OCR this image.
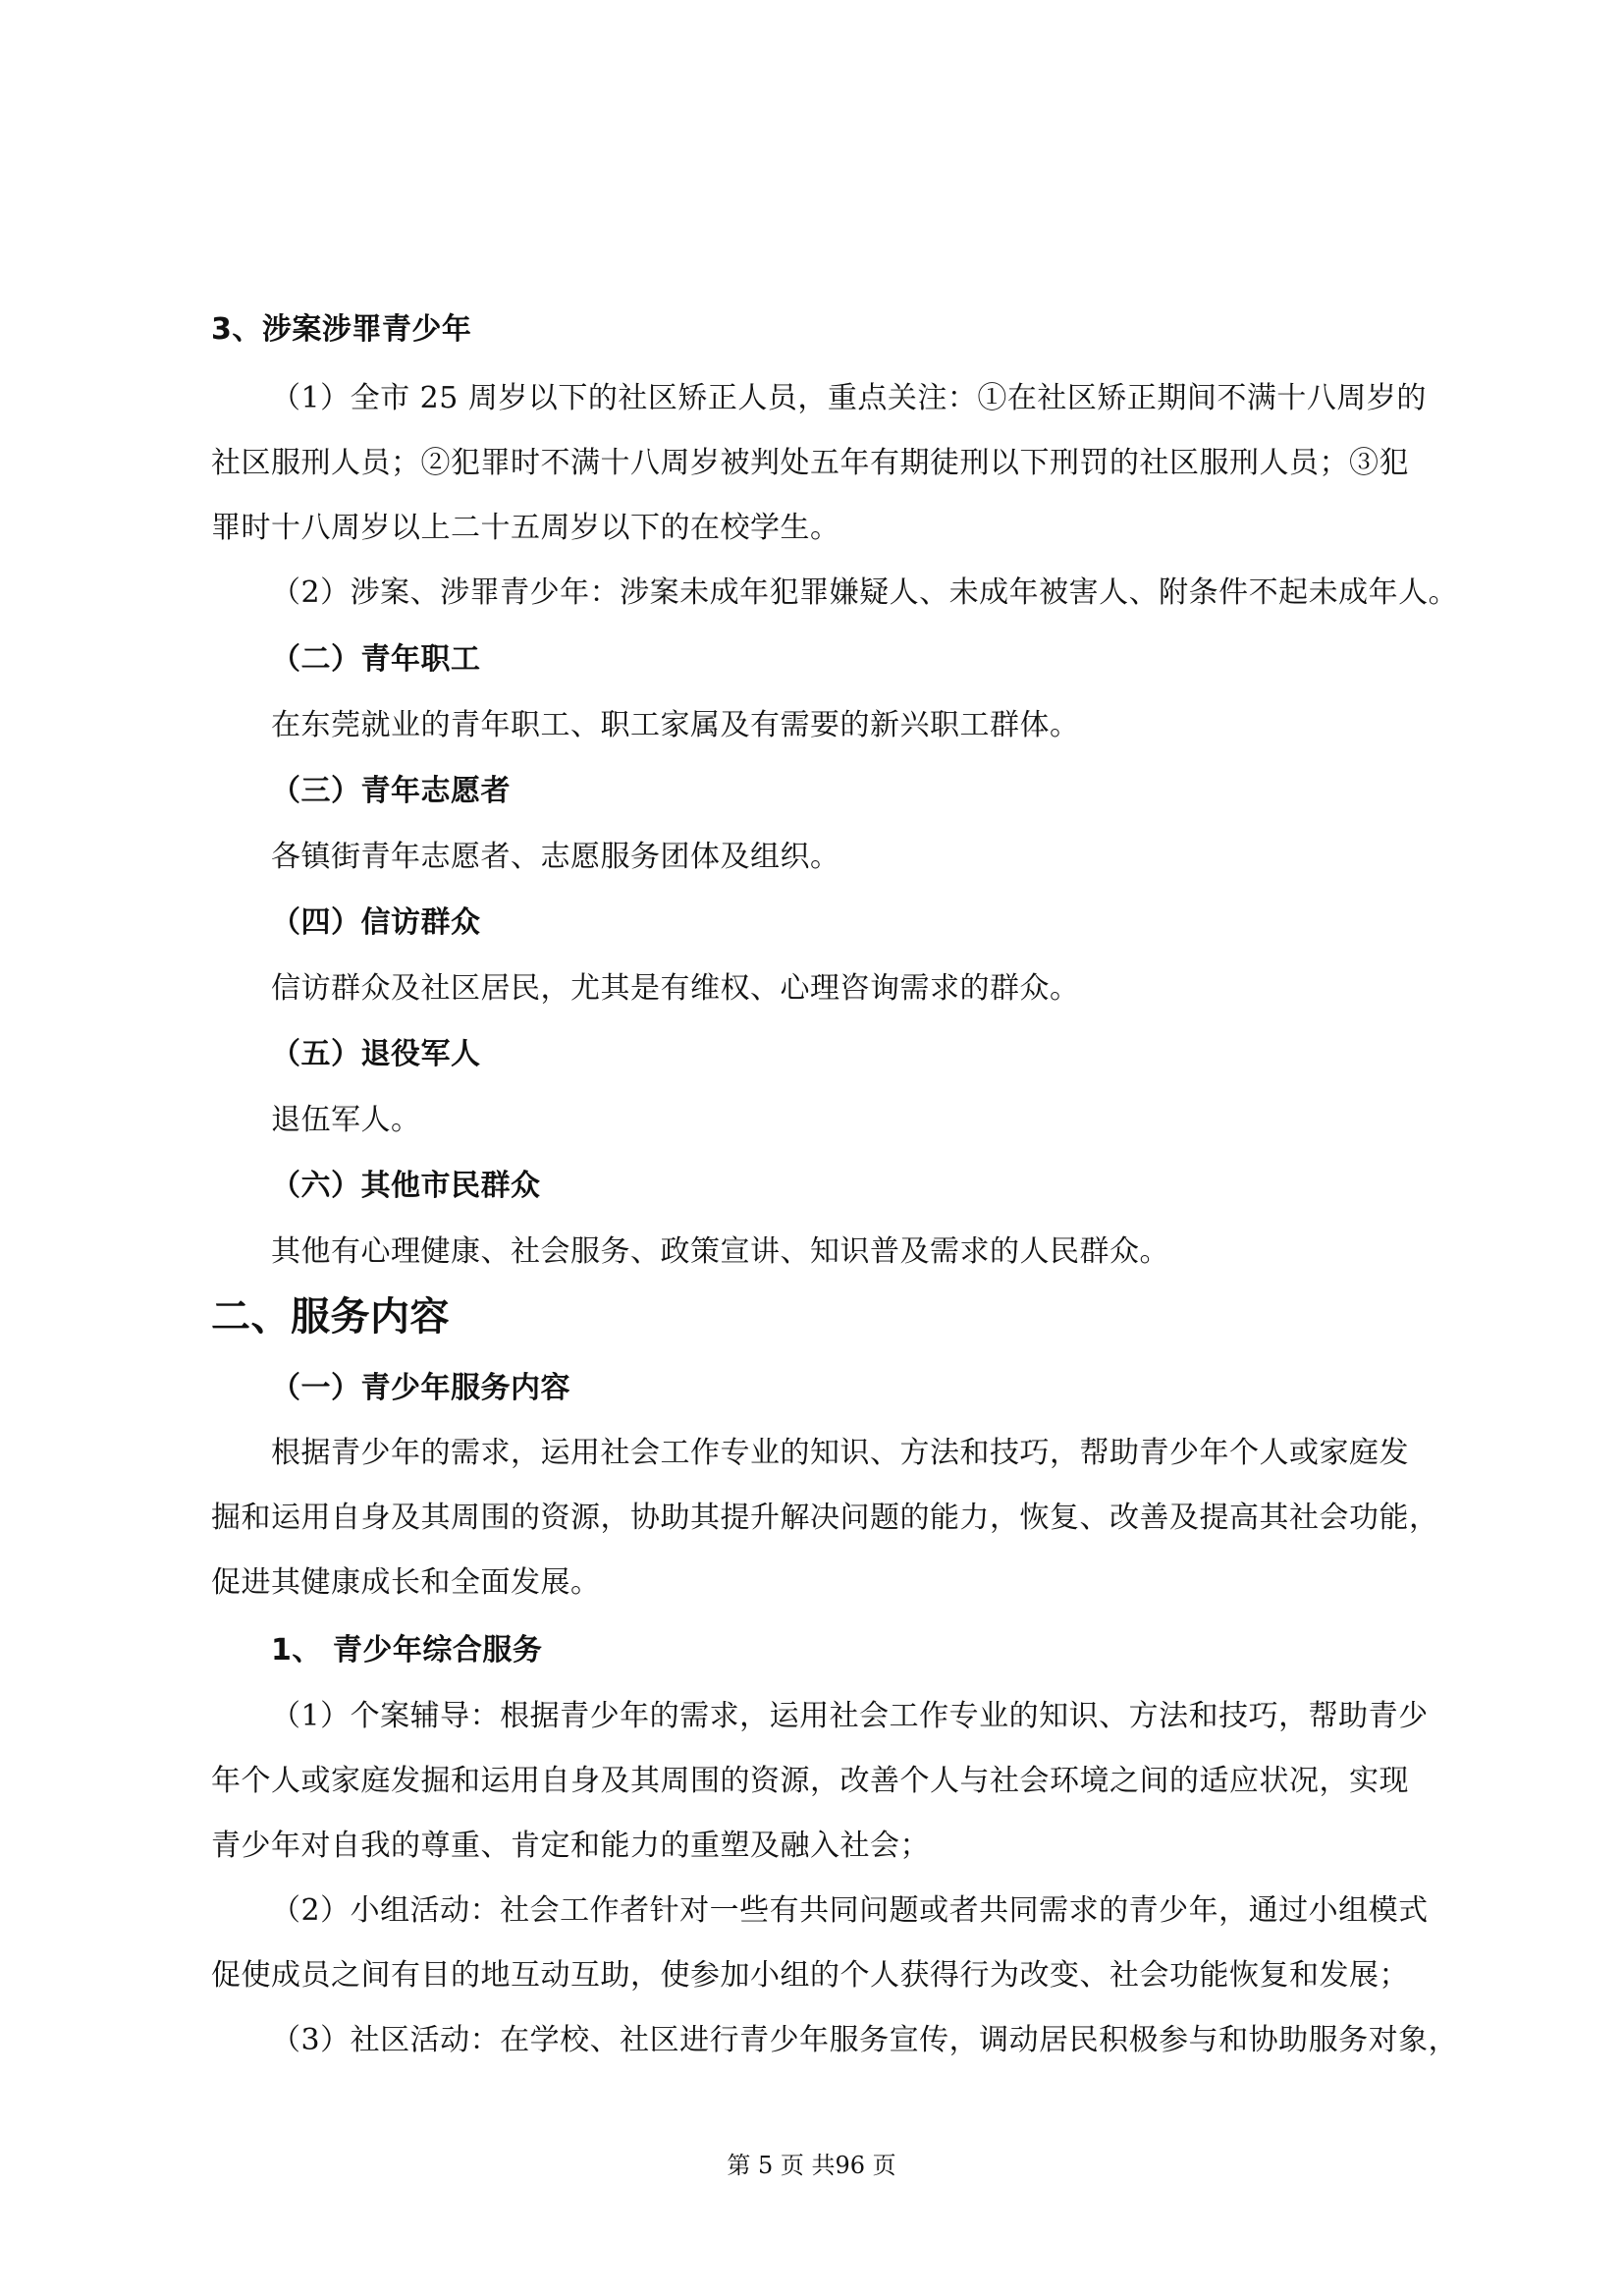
3、涉案涉罪青少年
（1）全市 25 周岁以下的社区矫正人员，重点关注：①在社区矫正期间不满十八周岁的
社区服刑人员；②犯罪时不满十八周岁被判处五年有期徒刑以下刑罚的社区服刑人员；③犯
罪时十八周岁以上二十五周岁以下的在校学生。
（2）涉案、涉罪青少年：涉案未成年犯罪嫌疑人、未成年被害人、附条件不起未成年人。
（二）青年职工
在东莞就业的青年职工、职工家属及有需要的新兴职工群体。
（三）青年志愿者
各镇街青年志愿者、志愿服务团体及组织。
（四）信访群众
信访群众及社区居民，尤其是有维权、心理咨询需求的群众。
（五）退役军人
退伍军人。
（六）其他市民群众
其他有心理健康、社会服务、政策宣讲、知识普及需求的人民群众。
二、服务内容
（一）青少年服务内容
根据青少年的需求，运用社会工作专业的知识、方法和技巧，帮助青少年个人或家庭发
掘和运用自身及其周围的资源，协助其提升解决问题的能力，恢复、改善及提高其社会功能，
促进其健康成长和全面发展。
1、 青少年综合服务
（1）个案辅导：根据青少年的需求，运用社会工作专业的知识、方法和技巧，帮助青少
年个人或家庭发掘和运用自身及其周围的资源，改善个人与社会环境之间的适应状况，实现
青少年对自我的尊重、肯定和能力的重塑及融入社会；
（2）小组活动：社会工作者针对一些有共同问题或者共同需求的青少年，通过小组模式
促使成员之间有目的地互动互助，使参加小组的个人获得行为改变、社会功能恢复和发展；
（3）社区活动：在学校、社区进行青少年服务宣传，调动居民积极参与和协助服务对象，
第 5 页 共96 页
